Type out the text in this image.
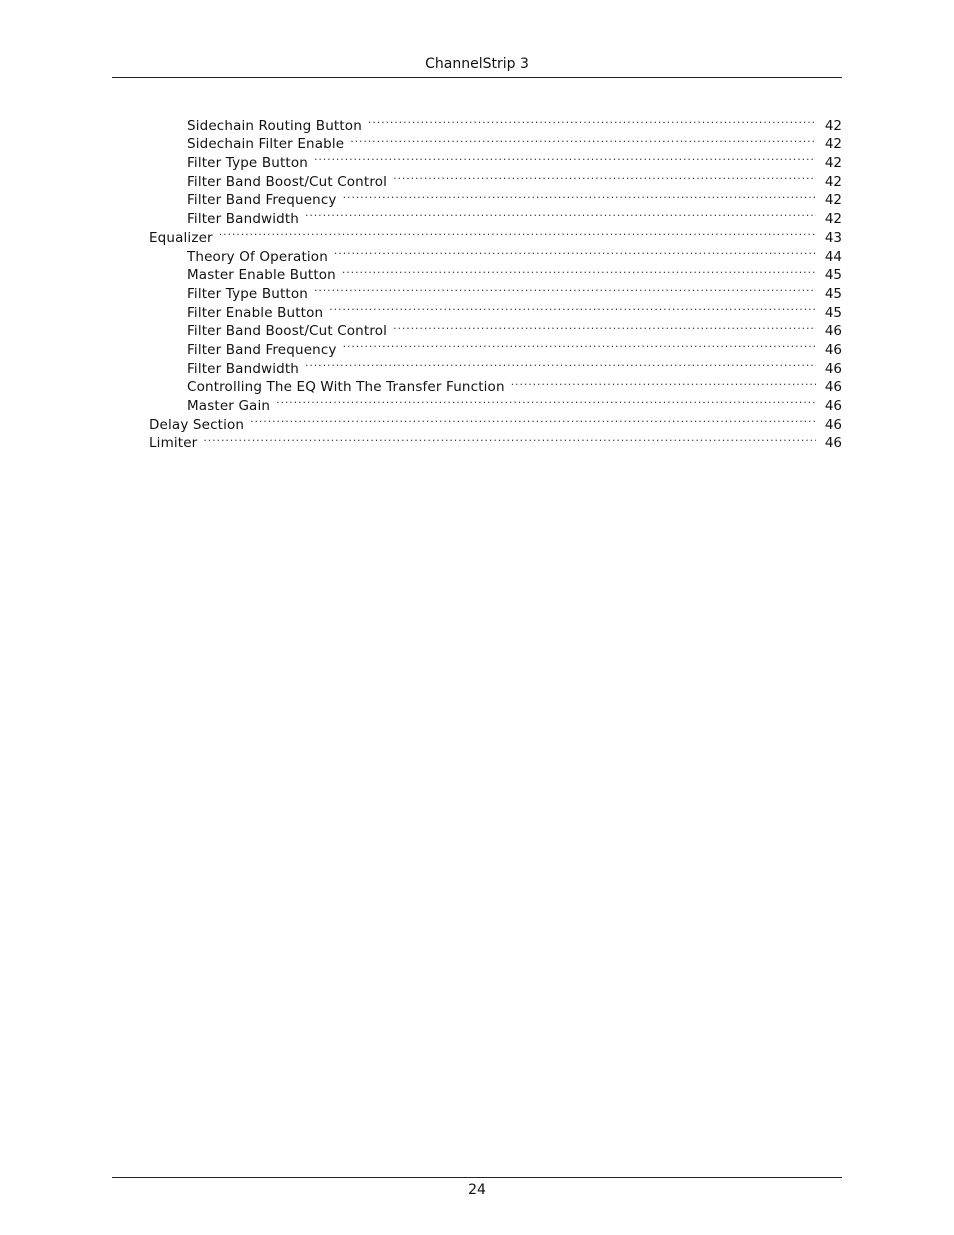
ChannelStrip 3
Sidechain Routing Button . . .	42
Sidechain Filter Enable . . .	42
Filter Type Button . . .	42
Filter Band Boost/Cut Control . . .	42
Filter Band Frequency . . .	42
Filter Bandwidth . . .	42
Equalizer . . .	43
Theory Of Operation . . .	44
Master Enable Button . . .	45
Filter Type Button . . .	45
Filter Enable Button . . .	45
Filter Band Boost/Cut Control . . .	46
Filter Band Frequency . . .	46
Filter Bandwidth . . .	46
Controlling The EQ With The Transfer Function . . .	46
Master Gain . . .	46
Delay Section . . .	46
Limiter . . .	46
24
